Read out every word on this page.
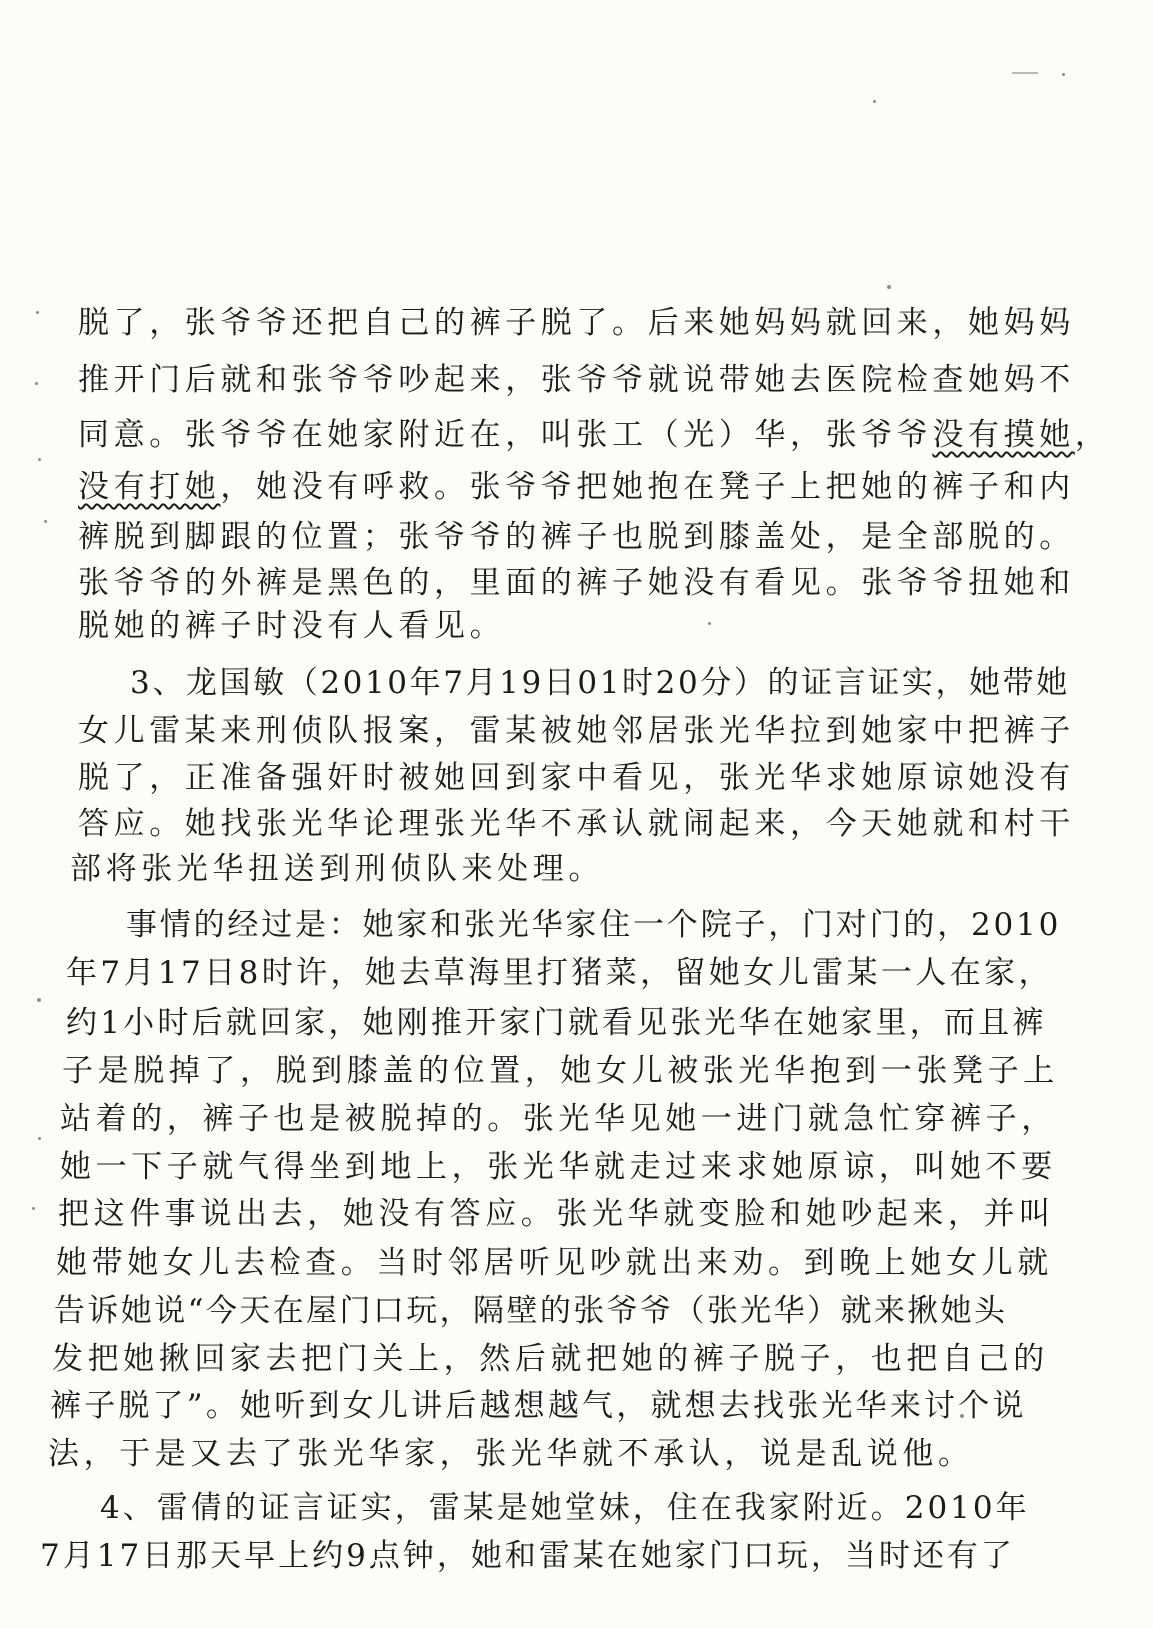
脱了，张爷爷还把自己的裤子脱了。后来她妈妈就回来，她妈妈
推开门后就和张爷爷吵起来，张爷爷就说带她去医院检查她妈不
同意。张爷爷在她家附近在，叫张工（光）华，张爷爷没有摸她，
没有打她，她没有呼救。张爷爷把她抱在凳子上把她的裤子和内
裤脱到脚跟的位置；张爷爷的裤子也脱到膝盖处，是全部脱的。
张爷爷的外裤是黑色的，里面的裤子她没有看见。张爷爷扭她和
脱她的裤子时没有人看见。
3、龙国敏（2010年7月19日01时20分）的证言证实，她带她
女儿雷某来刑侦队报案，雷某被她邻居张光华拉到她家中把裤子
脱了，正准备强奸时被她回到家中看见，张光华求她原谅她没有
答应。她找张光华论理张光华不承认就闹起来，今天她就和村干
部将张光华扭送到刑侦队来处理。
事情的经过是：她家和张光华家住一个院子，门对门的，2010
年7月17日8时许，她去草海里打猪菜，留她女儿雷某一人在家，
约1小时后就回家，她刚推开家门就看见张光华在她家里，而且裤
子是脱掉了，脱到膝盖的位置，她女儿被张光华抱到一张凳子上
站着的，裤子也是被脱掉的。张光华见她一进门就急忙穿裤子，
她一下子就气得坐到地上，张光华就走过来求她原谅，叫她不要
把这件事说出去，她没有答应。张光华就变脸和她吵起来，并叫
她带她女儿去检查。当时邻居听见吵就出来劝。到晚上她女儿就
告诉她说“今天在屋门口玩，隔壁的张爷爷（张光华）就来揪她头
发把她揪回家去把门关上，然后就把她的裤子脱子，也把自己的
裤子脱了”。她听到女儿讲后越想越气，就想去找张光华来讨个说
法，于是又去了张光华家，张光华就不承认，说是乱说他。
4、雷倩的证言证实，雷某是她堂妹，住在我家附近。2010年
7月17日那天早上约9点钟，她和雷某在她家门口玩，当时还有了
